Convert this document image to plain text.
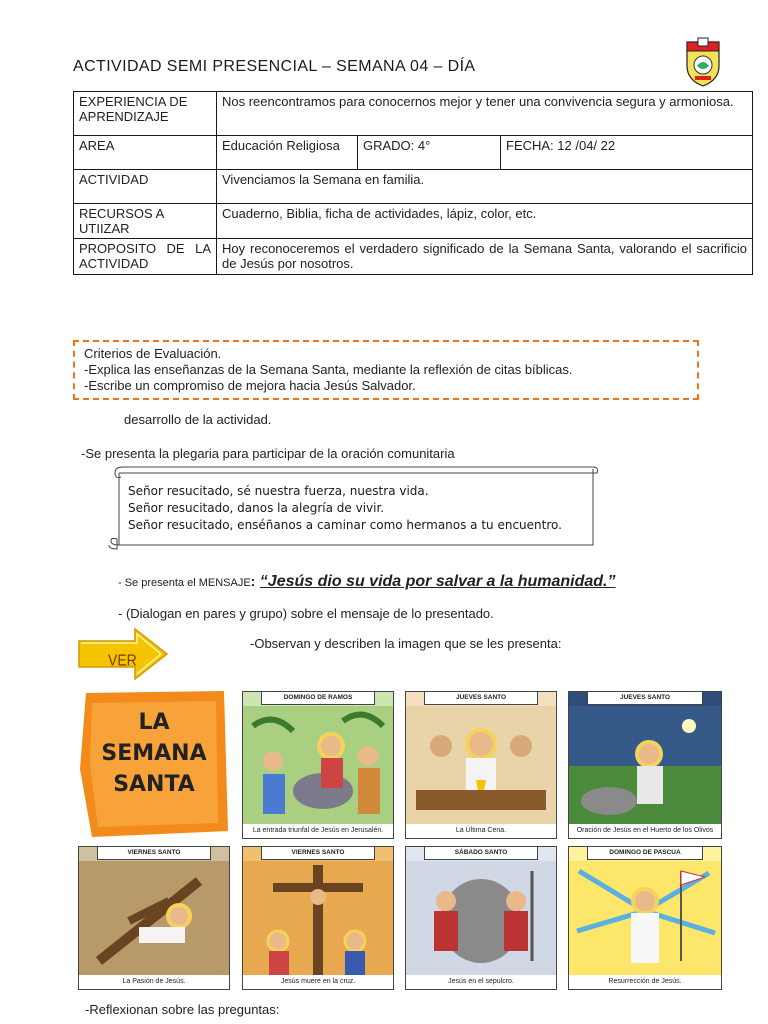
ACTIVIDAD SEMI PRESENCIAL – SEMANA 04 – DÍA
EXPERIENCIA DE APRENDIZAJE	Nos reencontramos para conocernos mejor y tener una convivencia segura y armoniosa.		
AREA	Educación Religiosa	GRADO: 4°	FECHA: 12 /04/ 22
ACTIVIDAD	Vivenciamos la Semana en familia.		
RECURSOS A UTIIZAR	Cuaderno, Biblia, ficha de actividades, lápiz, color, etc.		
PROPOSITO DE LA ACTIVIDAD	Hoy reconoceremos el verdadero significado de la Semana Santa, valorando el sacrificio de Jesús por nosotros.		
Criterios de Evaluación.
-Explica las enseñanzas de la Semana Santa, mediante la reflexión de citas bíblicas.
-Escribe un compromiso de mejora hacia Jesús Salvador.
desarrollo de la actividad.
-Se presenta la plegaria para participar de la oración comunitaria
Señor resucitado, sé nuestra fuerza, nuestra vida.
Señor resucitado, danos la alegría de vivir.
Señor resucitado, enséñanos a caminar como hermanos a tu encuentro.
- Se presenta el MENSAJE: “Jesús dio su vida por salvar a la humanidad.”
- (Dialogan en pares y grupo) sobre el mensaje de lo presentado.
VER
-Observan y describen la imagen que se les presenta:
LA
SEMANA
SANTA
DOMINGO DE RAMOS
La entrada triunfal de Jesús en Jerusalén.
JUEVES SANTO
La Última Cena.
JUEVES SANTO
Oración de Jesús en el Huerto de los Olivos
VIERNES SANTO
La Pasión de Jesús.
VIERNES SANTO
Jesús muere en la cruz.
SÁBADO SANTO
Jesús en el sepulcro.
DOMINGO DE PASCUA
Resurrección de Jesús.
-Reflexionan sobre las preguntas:
